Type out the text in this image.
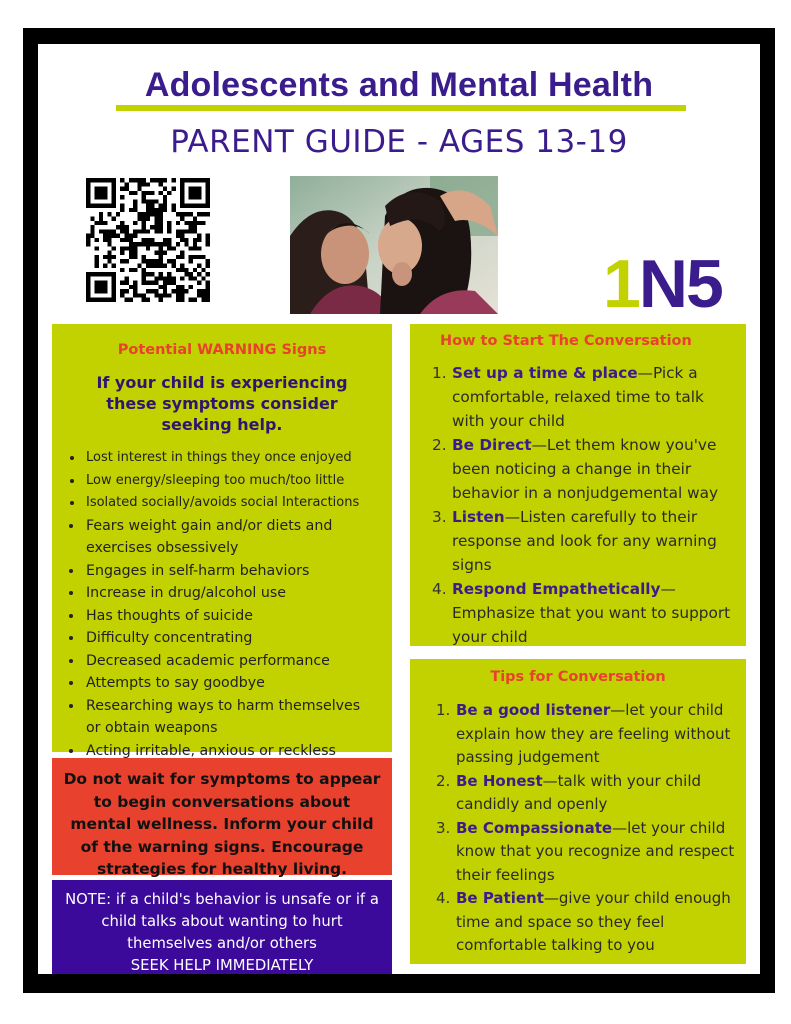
Adolescents and Mental Health
PARENT GUIDE - AGES 13-19
1N5
Potential WARNING Signs

If your child is experiencing these symptoms consider seeking help.

• Lost interest in things they once enjoyed
• Low energy/sleeping too much/too little
• Isolated socially/avoids social Interactions
• Fears weight gain and/or diets and exercises obsessively
• Engages in self-harm behaviors
• Increase in drug/alcohol use
• Has thoughts of suicide
• Difficulty concentrating
• Decreased academic performance
• Attempts to say goodbye
• Researching ways to harm themselves or obtain weapons
• Acting irritable, anxious or reckless
How to Start The Conversation
1. Set up a time & place—Pick a comfortable, relaxed time to talk with your child
2. Be Direct—Let them know you've been noticing a change in their behavior in a nonjudgemental way
3. Listen—Listen carefully to their response and look for any warning signs
4. Respond Empathetically—Emphasize that you want to support your child
Tips for Conversation
1. Be a good listener—let your child explain how they are feeling without passing judgement
2. Be Honest—talk with your child candidly and openly
3. Be Compassionate—let your child know that you recognize and respect their feelings
4. Be Patient—give your child enough time and space so they feel comfortable talking to you

Do not wait for symptoms to appear to begin conversations about mental wellness. Inform your child of the warning signs. Encourage strategies for healthy living.

NOTE: if a child's behavior is unsafe or if a child talks about wanting to hurt themselves and/or others
SEEK HELP IMMEDIATELY
